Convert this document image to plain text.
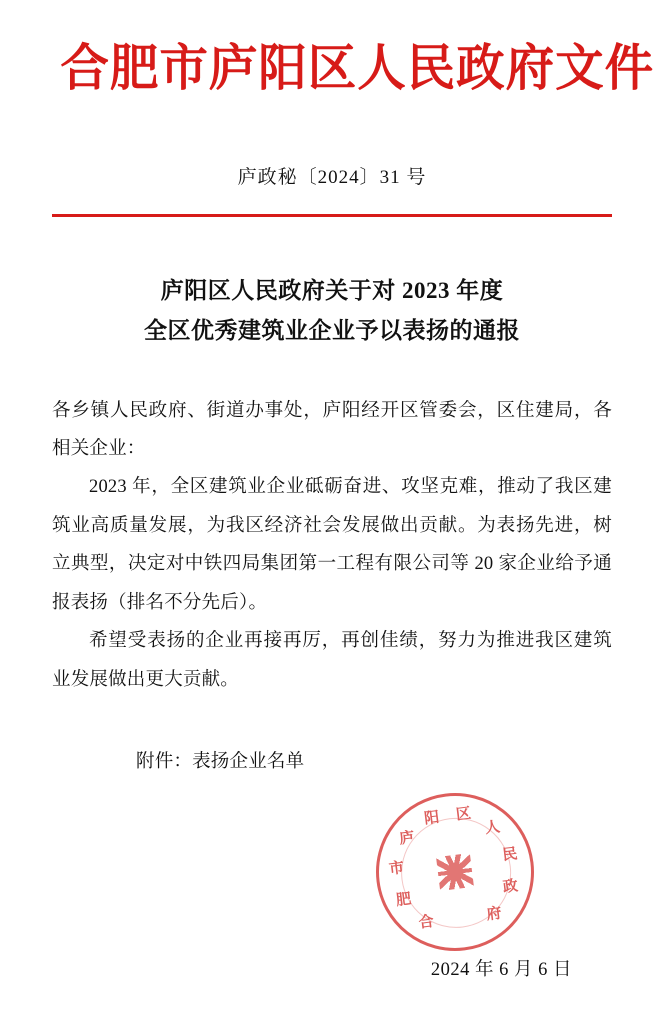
合肥市庐阳区人民政府文件
庐政秘〔2024〕31 号
庐阳区人民政府关于对 2023 年度
全区优秀建筑业企业予以表扬的通报

各乡镇人民政府、街道办事处，庐阳经开区管委会，区住建局，各相关企业：

2023 年，全区建筑业企业砥砺奋进、攻坚克难，推动了我区建筑业高质量发展，为我区经济社会发展做出贡献。为表扬先进，树立典型，决定对中铁四局集团第一工程有限公司等 20 家企业给予通报表扬（排名不分先后）。

希望受表扬的企业再接再厉，再创佳绩，努力为推进我区建筑业发展做出更大贡献。

附件：表扬企业名单
合
肥
市
庐
阳 区
人
民
政
府
2024 年 6 月 6 日
